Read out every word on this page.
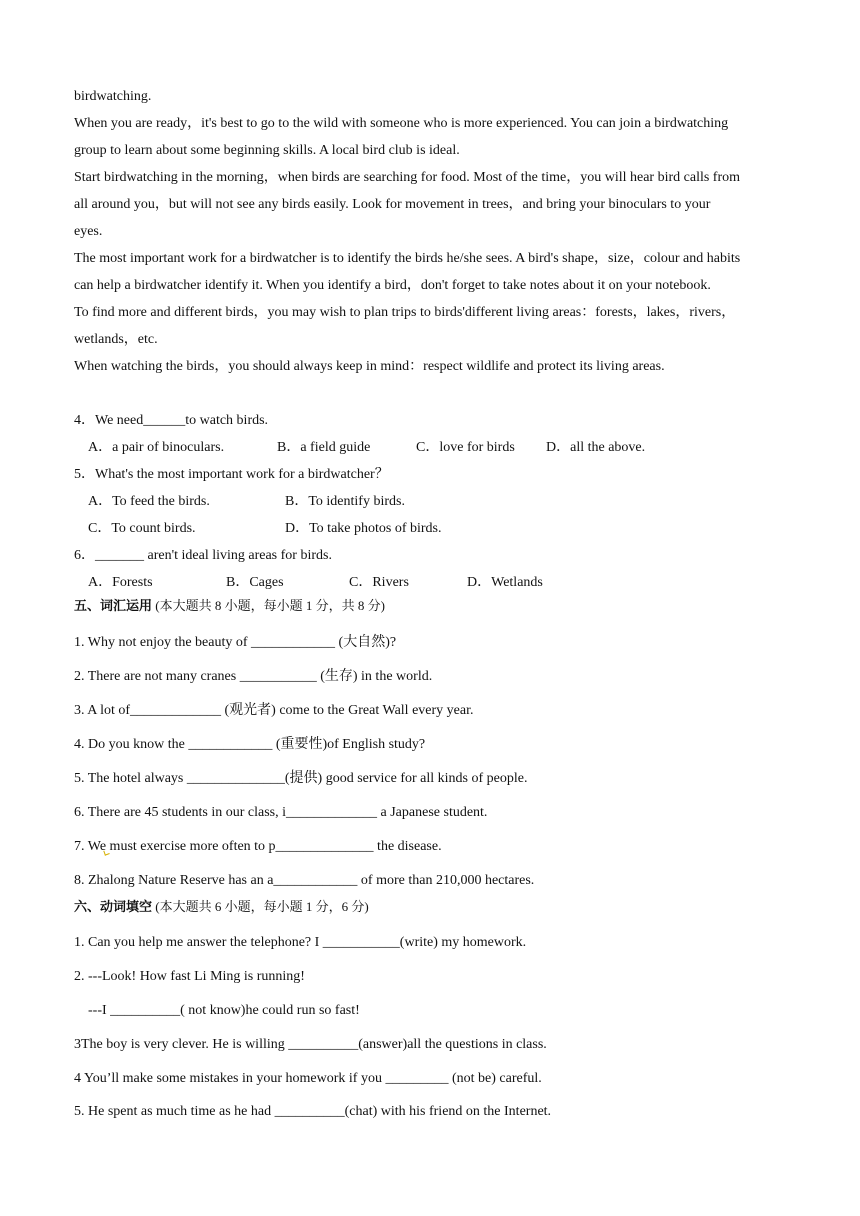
birdwatching.
When you are ready，it's best to go to the wild with someone who is more experienced. You can join a birdwatching
group to learn about some beginning skills. A local bird club is ideal.
Start birdwatching in the morning，when birds are searching for food. Most of the time，you will hear bird calls from
all around you，but will not see any birds easily. Look for movement in trees，and bring your binoculars to your
eyes.
The most important work for a birdwatcher is to identify the birds he/she sees. A bird's shape，size，colour and habits
can help a birdwatcher identify it. When you identify a bird，don't forget to take notes about it on your notebook.
To find more and different birds，you may wish to plan trips to birds'different living areas：forests，lakes，rivers，
wetlands，etc.
When watching the birds，you should always keep in mind：respect wildlife and protect its living areas.
4．We need______to watch birds.
A．a pair of binoculars.	B．a field guide	C．love for birds D．all the above.
5．What's the most important work for a birdwatcher？
A．To feed the birds.	B．To identify birds.
C．To count birds.	D．To take photos of birds.
6．_______ aren't ideal living areas for birds.
A．Forests	B．Cages	C．Rivers	D．Wetlands
五、词汇运用 (本大题共 8 小题，每小题 1 分，共 8 分)
1. Why not enjoy the beauty of ____________ (大自然)?
2. There are not many cranes ___________ (生存) in the world.
3. A lot of_____________ (观光者) come to the Great Wall every year.
4. Do you know the ____________ (重要性)of English study?
5. The hotel always ______________(提供) good service for all kinds of people.
6. There are 45 students in our class, i_____________ a Japanese student.
7. We must exercise more often to p______________ the disease.
8. Zhalong Nature Reserve has an a____________ of more than 210,000 hectares.
六、动词填空 (本大题共 6 小题，每小题 1 分，6 分)
1. Can you help me answer the telephone? I ___________(write) my homework.
2. ---Look! How fast Li Ming is running!
---I __________( not know)he could run so fast!
3The boy is very clever. He is willing __________(answer)all the questions in class.
4 You’ll make some mistakes in your homework if you _________ (not be) careful.
5. He spent as much time as he had __________(chat) with his friend on the Internet.
